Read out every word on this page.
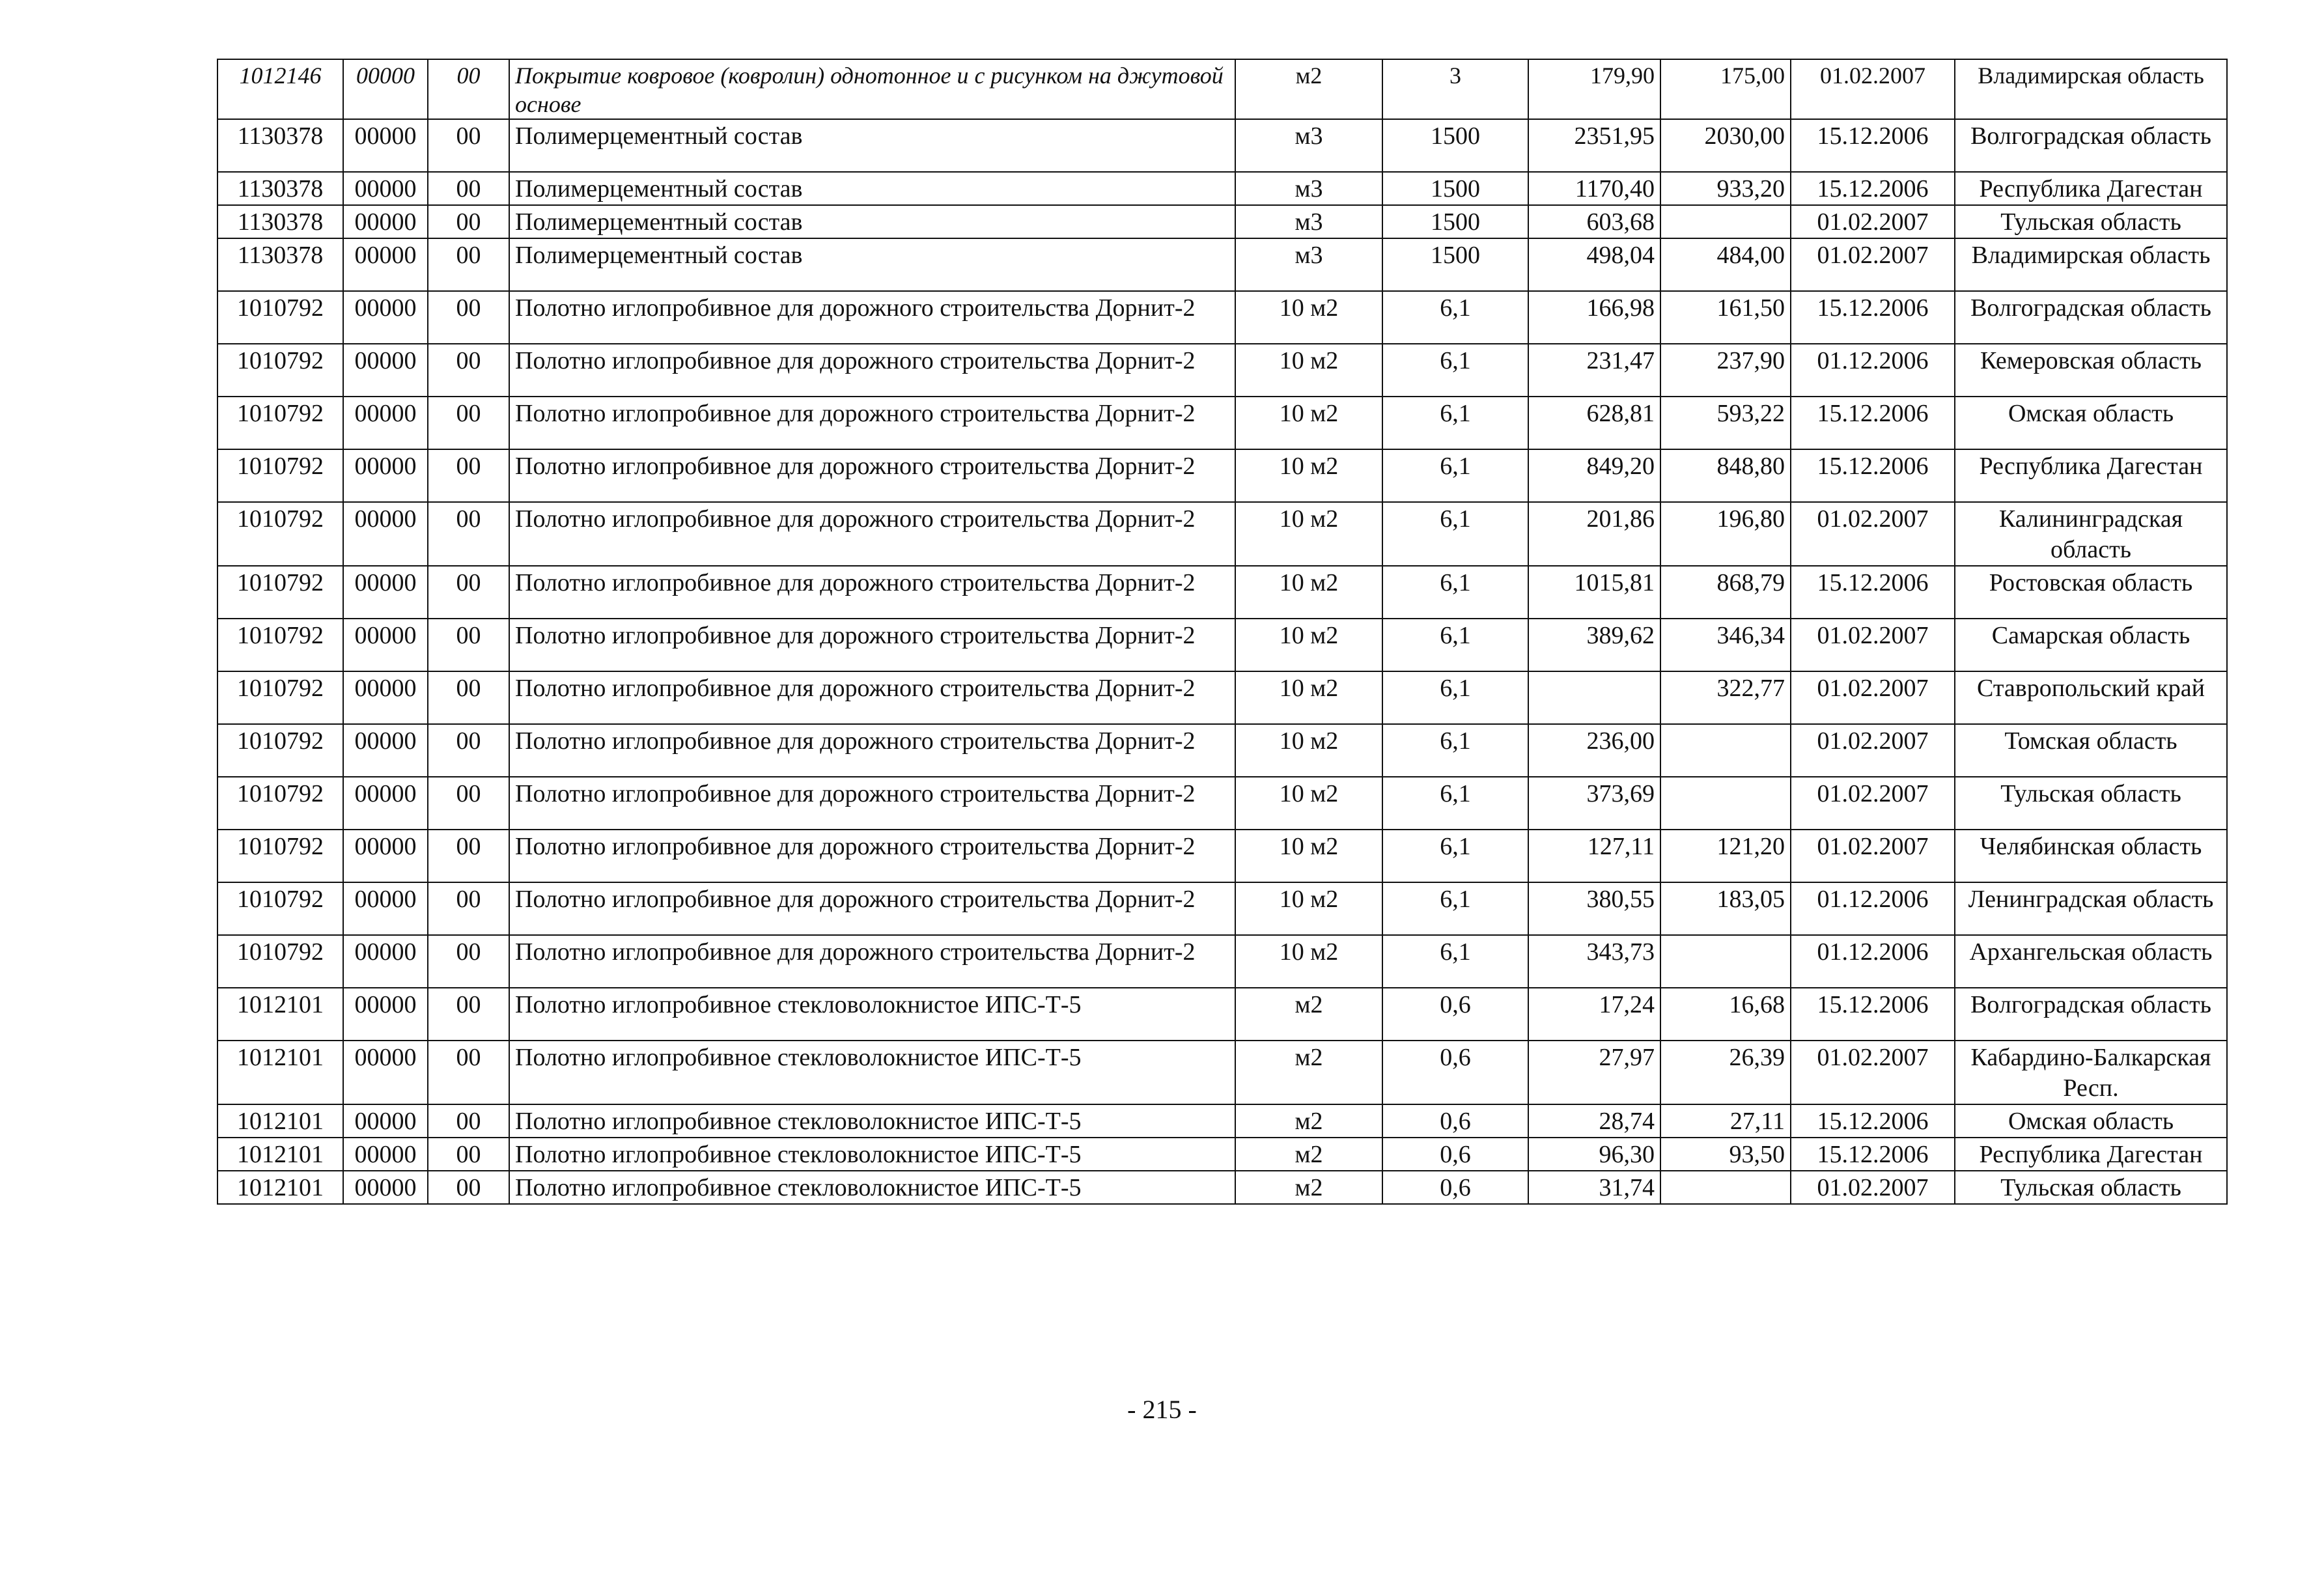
1012146	00000	00	Покрытие ковровое (ковролин) однотонное и с рисунком на джутовой основе	м2	3	179,90	175,00	01.02.2007	Владимирская область
1130378	00000	00	Полимерцементный состав	м3	1500	2351,95	2030,00	15.12.2006	Волгоградская область
1130378	00000	00	Полимерцементный состав	м3	1500	1170,40	933,20	15.12.2006	Республика Дагестан
1130378	00000	00	Полимерцементный состав	м3	1500	603,68		01.02.2007	Тульская область
1130378	00000	00	Полимерцементный состав	м3	1500	498,04	484,00	01.02.2007	Владимирская область
1010792	00000	00	Полотно иглопробивное для дорожного строительства Дорнит-2	10 м2	6,1	166,98	161,50	15.12.2006	Волгоградская область
1010792	00000	00	Полотно иглопробивное для дорожного строительства Дорнит-2	10 м2	6,1	231,47	237,90	01.12.2006	Кемеровская область
1010792	00000	00	Полотно иглопробивное для дорожного строительства Дорнит-2	10 м2	6,1	628,81	593,22	15.12.2006	Омская область
1010792	00000	00	Полотно иглопробивное для дорожного строительства Дорнит-2	10 м2	6,1	849,20	848,80	15.12.2006	Республика Дагестан
1010792	00000	00	Полотно иглопробивное для дорожного строительства Дорнит-2	10 м2	6,1	201,86	196,80	01.02.2007	Калининградская область
1010792	00000	00	Полотно иглопробивное для дорожного строительства Дорнит-2	10 м2	6,1	1015,81	868,79	15.12.2006	Ростовская область
1010792	00000	00	Полотно иглопробивное для дорожного строительства Дорнит-2	10 м2	6,1	389,62	346,34	01.02.2007	Самарская область
1010792	00000	00	Полотно иглопробивное для дорожного строительства Дорнит-2	10 м2	6,1		322,77	01.02.2007	Ставропольский край
1010792	00000	00	Полотно иглопробивное для дорожного строительства Дорнит-2	10 м2	6,1	236,00		01.02.2007	Томская область
1010792	00000	00	Полотно иглопробивное для дорожного строительства Дорнит-2	10 м2	6,1	373,69		01.02.2007	Тульская область
1010792	00000	00	Полотно иглопробивное для дорожного строительства Дорнит-2	10 м2	6,1	127,11	121,20	01.02.2007	Челябинская область
1010792	00000	00	Полотно иглопробивное для дорожного строительства Дорнит-2	10 м2	6,1	380,55	183,05	01.12.2006	Ленинградская область
1010792	00000	00	Полотно иглопробивное для дорожного строительства Дорнит-2	10 м2	6,1	343,73		01.12.2006	Архангельская область
1012101	00000	00	Полотно иглопробивное стекловолокнистое ИПС-Т-5	м2	0,6	17,24	16,68	15.12.2006	Волгоградская область
1012101	00000	00	Полотно иглопробивное стекловолокнистое ИПС-Т-5	м2	0,6	27,97	26,39	01.02.2007	Кабардино-Балкарская Респ.
1012101	00000	00	Полотно иглопробивное стекловолокнистое ИПС-Т-5	м2	0,6	28,74	27,11	15.12.2006	Омская область
1012101	00000	00	Полотно иглопробивное стекловолокнистое ИПС-Т-5	м2	0,6	96,30	93,50	15.12.2006	Республика Дагестан
1012101	00000	00	Полотно иглопробивное стекловолокнистое ИПС-Т-5	м2	0,6	31,74		01.02.2007	Тульская область
- 215 -
